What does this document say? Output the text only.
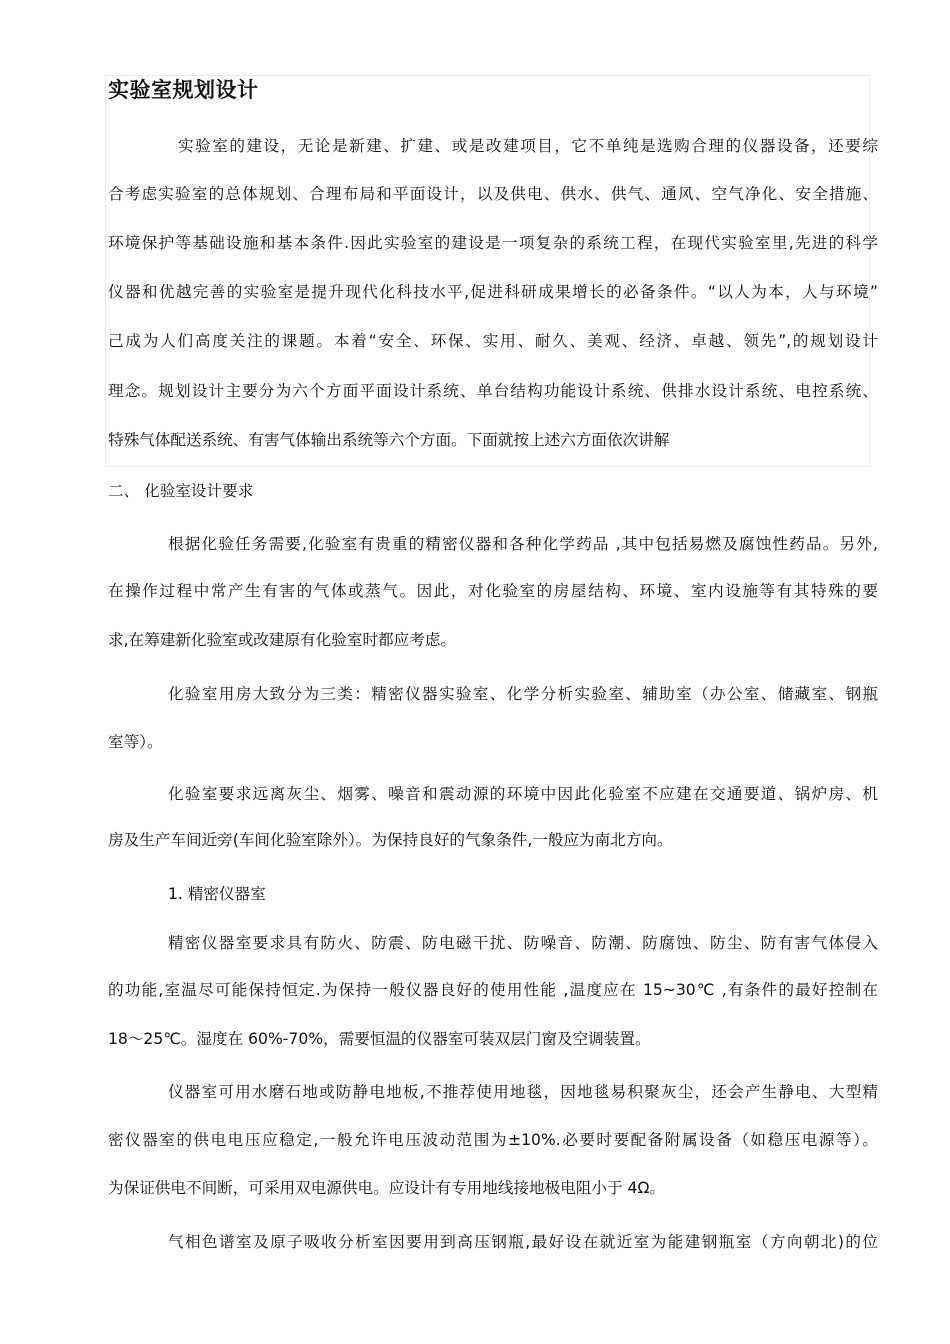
实验室规划设计

实验室的建设，无论是新建、扩建、或是改建项目，它不单纯是选购合理的仪器设备，还要综

合考虑实验室的总体规划、合理布局和平面设计，以及供电、供水、供气、通风、空气净化、安全措施、

环境保护等基础设施和基本条件.因此实验室的建设是一项复杂的系统工程，在现代实验室里,先进的科学

仪器和优越完善的实验室是提升现代化科技水平,促进科研成果增长的必备条件。“以人为本，人与环境”

己成为人们高度关注的课题。本着“安全、环保、实用、耐久、美观、经济、卓越、领先”,的规划设计

理念。规划设计主要分为六个方面平面设计系统、单台结构功能设计系统、供排水设计系统、电控系统、

特殊气体配送系统、有害气体输出系统等六个方面。下面就按上述六方面依次讲解

二、 化验室设计要求

根据化验任务需要,化验室有贵重的精密仪器和各种化学药品 ,其中包括易燃及腐蚀性药品。另外,

在操作过程中常产生有害的气体或蒸气。因此，对化验室的房屋结构、环境、室内设施等有其特殊的要

求,在筹建新化验室或改建原有化验室时都应考虑。

化验室用房大致分为三类：精密仪器实验室、化学分析实验室、辅助室（办公室、储藏室、钢瓶

室等）。

化验室要求远离灰尘、烟雾、噪音和震动源的环境中因此化验室不应建在交通要道、锅炉房、机

房及生产车间近旁(车间化验室除外）。为保持良好的气象条件,一般应为南北方向。

1. 精密仪器室

精密仪器室要求具有防火、防震、防电磁干扰、防噪音、防潮、防腐蚀、防尘、防有害气体侵入

的功能,室温尽可能保持恒定.为保持一般仪器良好的使用性能 ,温度应在 15~30℃ ,有条件的最好控制在

18～25℃。湿度在 60%-70%，需要恒温的仪器室可装双层门窗及空调装置。

仪器室可用水磨石地或防静电地板,不推荐使用地毯，因地毯易积聚灰尘，还会产生静电、大型精

密仪器室的供电电压应稳定,一般允许电压波动范围为±10%.必要时要配备附属设备（如稳压电源等）。

为保证供电不间断，可采用双电源供电。应设计有专用地线接地极电阻小于 4Ω。

气相色谱室及原子吸收分析室因要用到高压钢瓶,最好设在就近室为能建钢瓶室（方向朝北)的位
